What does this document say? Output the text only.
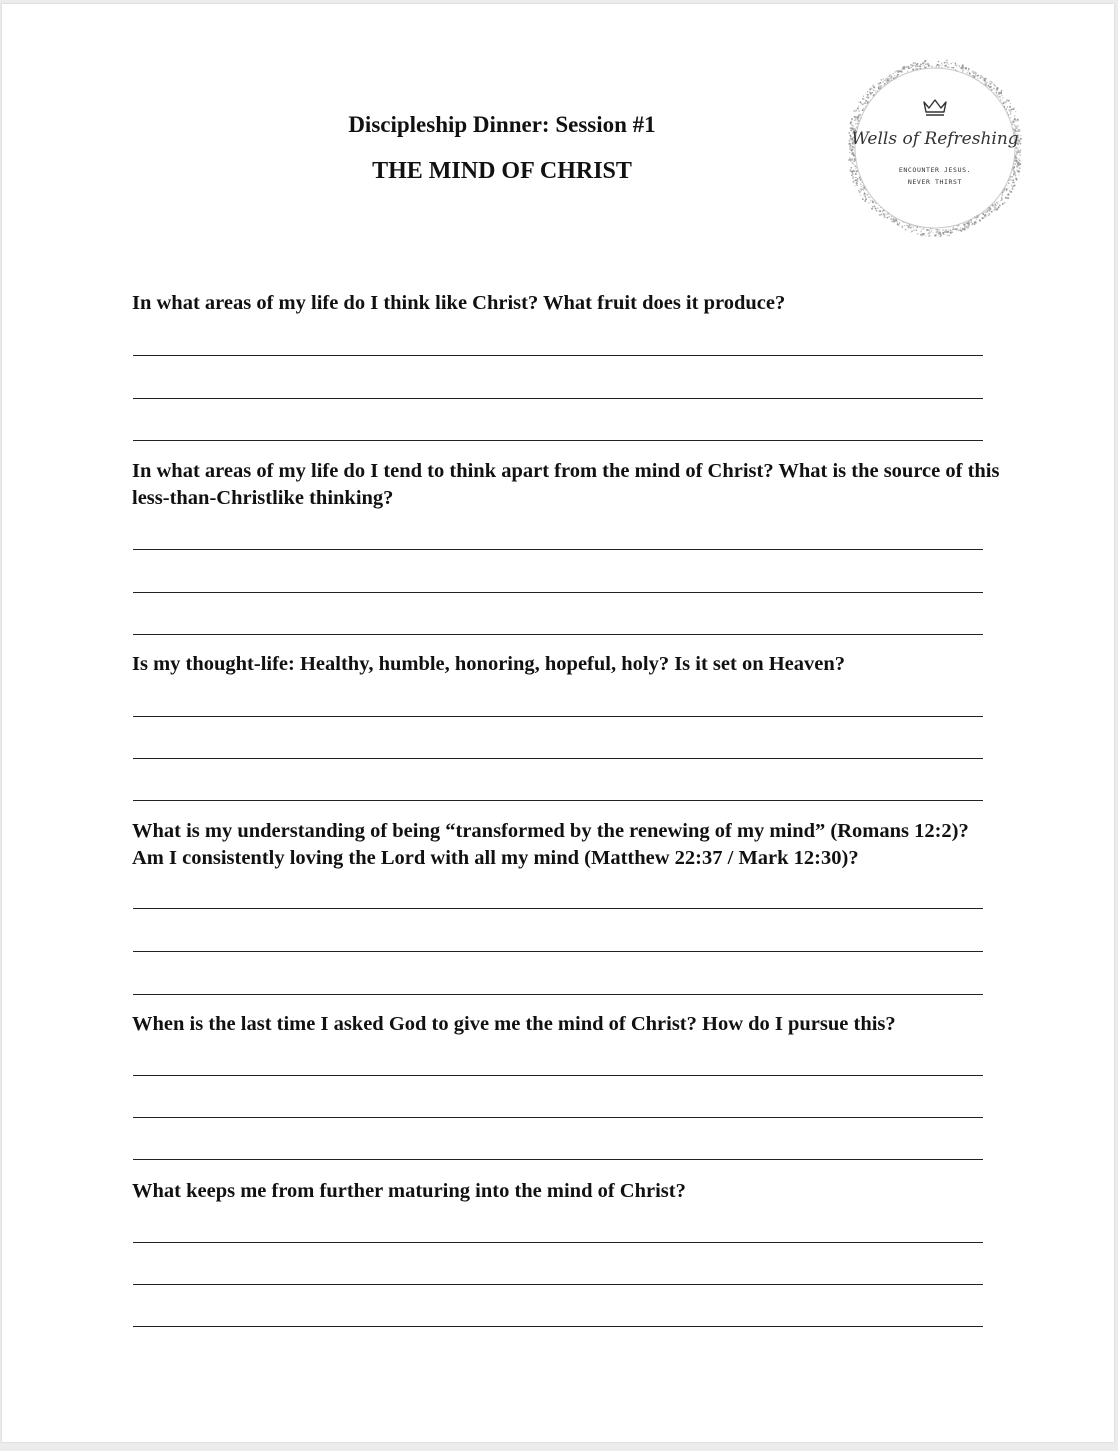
Discipleship Dinner: Session #1
THE MIND OF CHRIST
Wells of Refreshing
ENCOUNTER JESUS.
NEVER THIRST
In what areas of my life do I think like Christ? What fruit does it produce?
In what areas of my life do I tend to think apart from the mind of Christ? What is the source of this less-than-Christlike thinking?
Is my thought-life: Healthy, humble, honoring, hopeful, holy? Is it set on Heaven?
What is my understanding of being “transformed by the renewing of my mind” (Romans 12:2)? Am I consistently loving the Lord with all my mind (Matthew 22:37 / Mark 12:30)?
When is the last time I asked God to give me the mind of Christ? How do I pursue this?
What keeps me from further maturing into the mind of Christ?
